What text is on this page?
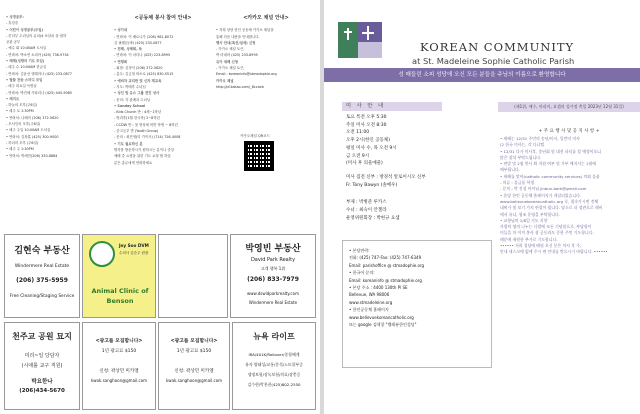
• 성경공부:
- 휴강중
• 어린이 성경공부(주일)
- 킨더부 수녀님의 유치(4 보살피 을 원하
공관 공부
- 예수 회 10:45AM 도서실
- 연락처: 박소연 소피아 (425) 736-9734
• 떼제(성령의 기도 모임)
- 매주 수 10:00AM 한글실
- 연락처: 김윤선 엘레아나 (425) 233-0877
• 말씀 찬송 스터디 모임
- 매주 화요일 독방실
- 연락처: 박진혜 카타리나 (425) 445-9085
• 레지오
- 하늘의 모후(주6일)
• 매주 토 1:30PM
• 연락처: 나혜미 (206) 372-5620
- 모서인의 모후(주6일)
• 매주 주일 10:00AM 도서실
• 연락처: 김장훈 (425) 300-9000
- 하녀의 모후 (주6일)
• 매주 주 1:30PM
• 연락처: 박세민(206) 330-8884
<공동체 봉사 참여 안내>
• 성가대
- 연락처: 이 베로니카 (206) 981-8072
김 필레몬(바) (425) 233-0877
• 전례, 성체회, 독
- 연락처: 이 마다나 (425) 223-8995
• 연령회
- 회장: 김정석 (206) 372-5620
- 총무: 김금철 바오로 (425) 830-5515
• 예비자 교리반 및 신자 재교육
- 지도: 박태후 수녀님
• 성인 및 유스 그룹 견진 성사
- 문의: 각 관례과 수녀님
• Sunday School
- Kids Church 반 : 4세~1학년
- 방과후(1월 한국학) 2~8학년
- CCDW 반 : 첫 영성체 비반 학생 ~ 8학년
- 중고등부 반 (Youth Group)
- 문의 : 최진영(미 가이사) (714) 726-4008
• 기도 필요하신 분
병자를 방문하시기 원하시는 분이나 중앙
예배 중 요청을 위한 기도 요청 할 하실
분은 총무에게 연락하세요
<카카오 채널 안내>
• 저희 성당 한인 공동체 카카오 채널을
통해 다음 내용을 안내합니다.
행사 안내(특선/섬세) 신청
- 카카오 채널 토큰,
박 마네라 (425) 233-8995
유아 세례 신청
- 카카오 채널 토큰,
Email : koreaninfo@stmadophie.org
카카오 채널
http://pf.kakao.com/_8ccxeb
카카오채널 QR코드
김현숙 부동산
Windermere Real Estate
(206) 375-5959
Free Cleaning/Staging Service
Joy Soo DVM
수의사 김순주 원장
Animal Clinic of
Benson
박영빈 부동산
David Park Realty
고객 행복 1위
(206) 833-7979
www.dswidparkrealty.com
Windermere Real Estate
천주교 공원 묘지
미리~일 당담자
(시애틀 교구 직원)
박요한나
(206)434-5670
<광고를 모집합니다>
1년 광고료 $150
신청: 곽상민 미카엘
kwak.sanghoon@gmail.com
<광고를 모집합니다>
1년 광고료 $150
신청: 곽상민 미카엘
kwak.sanghoon@gmail.com
뉴욕 라이프
IRA/401K/Rollover/종합혜계
유자 양태성/교통/분석/노트할부증
생명보험/장녹보험/의료/장충증
김수현/박홍찬(425)802-2550
KOREAN COMMUNITY
at St. Madeleine Sophie Catholic Parish
성 매들린 소피 성당에 오신 모든 분들을 주님의 이름으로 환영합니다
미 사 안 내
토요 특전 오후 5:30
주일 미사 오전 8:30
오전 11:00
오후 2시(한인 공동체)
평일 미사 수, 목 오전 9시
금 오전 9시
(미사 후 의울예물)
미사 집전 신부 : 방경석 알로이시오 신부
Fr. Tony Bawyn (솔메우)
부제 : 박병준 루카스
수녀 : 최숙이 안젤라
운영위원회장 : 박현규 요셉
• 본당연락:
전화: (425) 747-Fax: (425) 747-6349
Email: parishoffice @ stmadophie.org
• 한국어 문의:
Email: koreaninfo @ stmadophie.org
• 본당 주소 : 4400 130th Pl SE
Bellevue, WA 98006
www.stmadeleine.org
• 한인공동체 홈페이지
www.bellevuekoreancatholic.org
또는 google 검색창 "벨레뷰한인성당"
(제1위, 예수, 마리아, 요셉의 성가정 축일 2023년 12월 31일)
+ 주 요 행 사 및 공 지 사 항 +
• 새해는 12/31 주민의 송년/미사, 일반미 미사
(2 한국 미사는, 각 다니엘
• 12/31 다가 미사후, 송년회 및 대전 파티를 할 예정이오니
많은 참석 부탁드립니다.
• 연말 및 2월 봉사 봐 지원 여부 및 가부 예지서는 1월에
배부됩니다.
• 새해를 맞아(catholic community services) 의외 물품
- 의류 : 물급품 학생
- 문의 : 박 진성 아이님 jinbun.bark@gmail.com
• 운당 한인 공동체 홈페이지가 개설되었습니다.
www.bellevuekoreancatholic.org 로, 접속가시면 전체
네버가 및 보기 가지 연결이 됩니다. 달소로 더 장관으로 레비
에서 유니, 협조 운영을 부탁합니다.
• 교향님의 1/8일 기도 지향
사랑의 영의 나누는 다발에 모든 기념합으로, 부당함이
이들을 차 이적 봉사 참 공동과도 중한 주민 기도합니다.
때문에 제원한 추가로 기도합니다.
•••••• 저희 성당에 배원 오신 분은 미사 후 주,
안내 데스크에 없에 주시 면 안내를 받으시기 바랍니다. ••••••
